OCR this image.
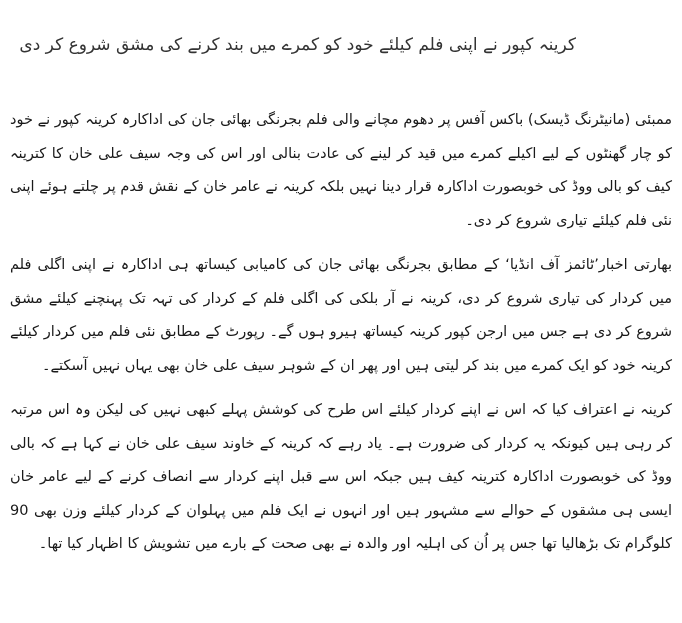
کرینہ کپور نے اپنی فلم کیلئے خود کو کمرے میں بند کرنے کی مشق شروع کر دی

ممبئی (مانیٹرنگ ڈیسک) باکس آفس پر دھوم مچانے والی فلم بجرنگی بھائی جان کی اداکارہ کرینہ کپور نے خود کو چار گھنٹوں کے لیے اکیلے کمرے میں قید کر لینے کی عادت بنالی اور اس کی وجہ سیف علی خان کا کترینہ کیف کو بالی ووڈ کی خوبصورت اداکارہ قرار دینا نہیں بلکہ کرینہ نے عامر خان کے نقش قدم پر چلتے ہوئے اپنی نئی فلم کیلئے تیاری شروع کر دی۔

بھارتی اخبار’ٹائمز آف انڈیا‘ کے مطابق بجرنگی بھائی جان کی کامیابی کیساتھ ہی اداکارہ نے اپنی اگلی فلم میں کردار کی تیاری شروع کر دی، کرینہ نے آر بلکی کی اگلی فلم کے کردار کی تہہ تک پہنچنے کیلئے مشق شروع کر دی ہے جس میں ارجن کپور کرینہ کیساتھ ہیرو ہوں گے۔ رپورٹ کے مطابق نئی فلم میں کردار کیلئے کرینہ خود کو ایک کمرے میں بند کر لیتی ہیں اور پھر ان کے شوہر سیف علی خان بھی یہاں نہیں آسکتے۔

کرینہ نے اعتراف کیا کہ اس نے اپنے کردار کیلئے اس طرح کی کوشش پہلے کبھی نہیں کی لیکن وہ اس مرتبہ کر رہی ہیں کیونکہ یہ کردار کی ضرورت ہے۔ یاد رہے کہ کرینہ کے خاوند سیف علی خان نے کہا ہے کہ بالی ووڈ کی خوبصورت اداکارہ کترینہ کیف ہیں جبکہ اس سے قبل اپنے کردار سے انصاف کرنے کے لیے عامر خان ایسی ہی مشقوں کے حوالے سے مشہور ہیں اور انہوں نے ایک فلم میں پہلوان کے کردار کیلئے وزن بھی 90 کلوگرام تک بڑھالیا تھا جس پر اُن کی اہلیہ اور والدہ نے بھی صحت کے بارے میں تشویش کا اظہار کیا تھا۔
